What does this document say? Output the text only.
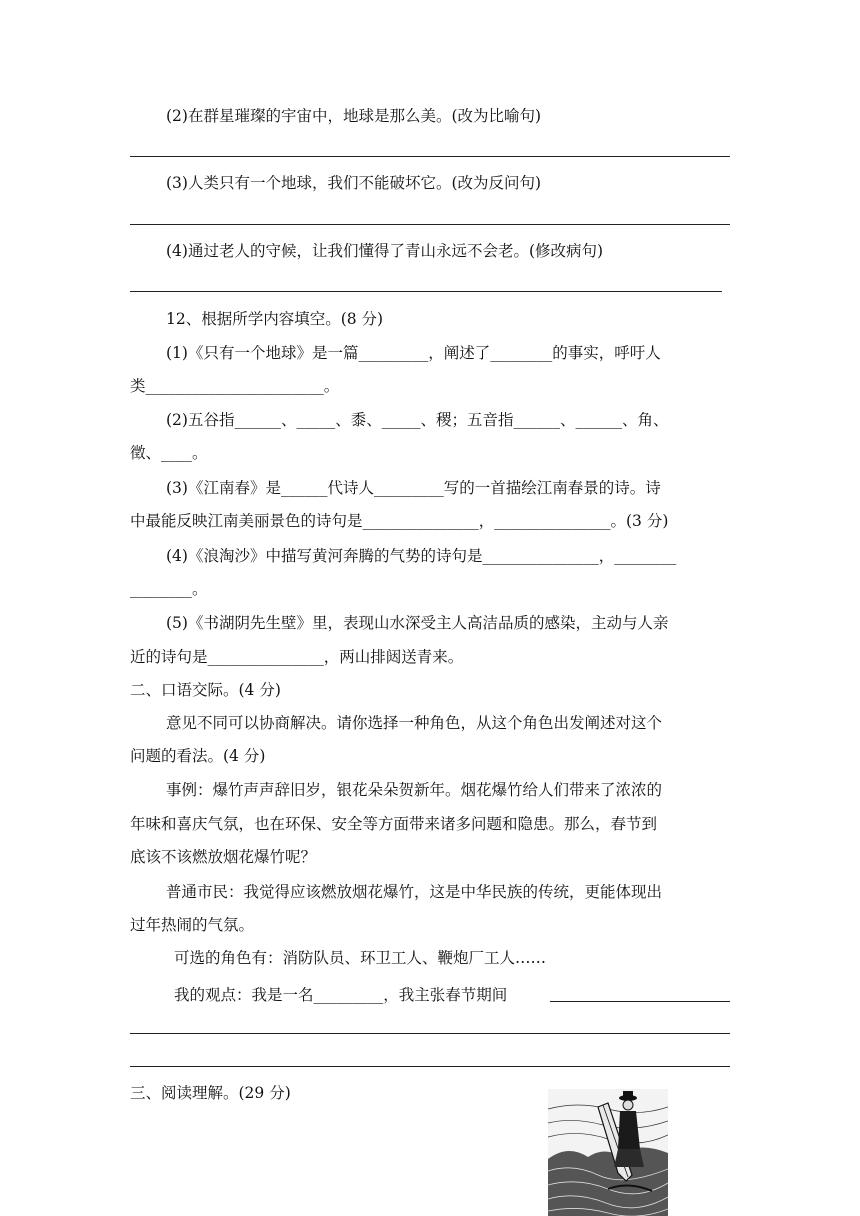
(2)在群星璀璨的宇宙中，地球是那么美。(改为比喻句)
(3)人类只有一个地球，我们不能破坏它。(改为反问句)
(4)通过老人的守候，让我们懂得了青山永远不会老。(修改病句)
12、根据所学内容填空。(8 分)
(1)《只有一个地球》是一篇_________，阐述了________的事实，呼吁人
类_______________________。
(2)五谷指______、_____、黍、_____、稷；五音指______、______、角、
徵、____。
(3)《江南春》是______代诗人_________写的一首描绘江南春景的诗。诗
中最能反映江南美丽景色的诗句是_______________，_______________。(3 分)
(4)《浪淘沙》中描写黄河奔腾的气势的诗句是_______________，________
________。
(5)《书湖阴先生壁》里，表现山水深受主人高洁品质的感染，主动与人亲
近的诗句是_______________，两山排闼送青来。
二、口语交际。(4 分)
意见不同可以协商解决。请你选择一种角色，从这个角色出发阐述对这个
问题的看法。(4 分)
事例：爆竹声声辞旧岁，银花朵朵贺新年。烟花爆竹给人们带来了浓浓的
年味和喜庆气氛，也在环保、安全等方面带来诸多问题和隐患。那么，春节到
底该不该燃放烟花爆竹呢？
普通市民：我觉得应该燃放烟花爆竹，这是中华民族的传统，更能体现出
过年热闹的气氛。
可选的角色有：消防队员、环卫工人、鞭炮厂工人……
我的观点：我是一名_________，我主张春节期间
三、阅读理解。(29 分)
